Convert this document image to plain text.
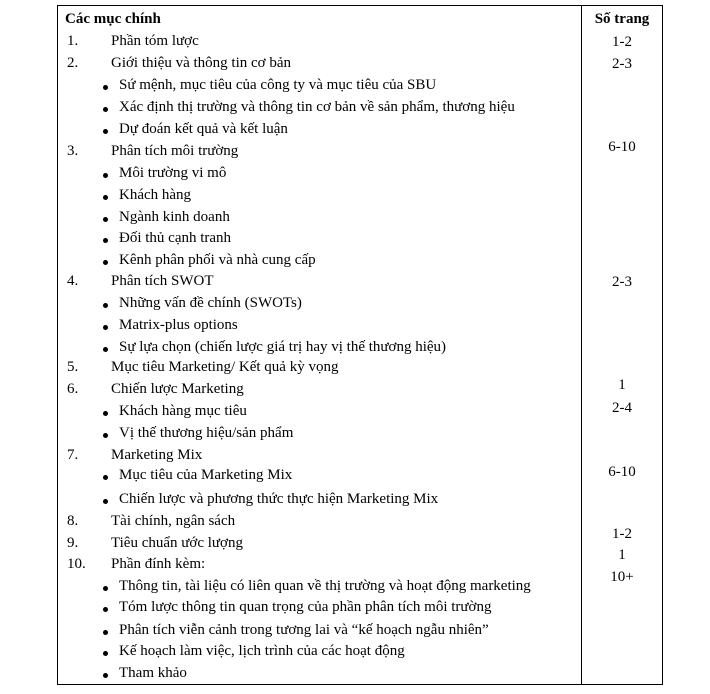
Các mục chính	Số trang
1. Phần tóm lược
2. Giới thiệu và thông tin cơ bản
Sứ mệnh, mục tiêu của công ty và mục tiêu của SBU
Xác định thị trường và thông tin cơ bản về sản phẩm, thương hiệu
Dự đoán kết quả và kết luận
3. Phân tích môi trường
Môi trường vi mô
Khách hàng
Ngành kinh doanh
Đối thủ cạnh tranh
Kênh phân phối và nhà cung cấp
4. Phân tích SWOT
Những vấn đề chính (SWOTs)
Matrix-plus options
Sự lựa chọn (chiến lược giá trị hay vị thế thương hiệu)
5. Mục tiêu Marketing/ Kết quả kỳ vọng
6. Chiến lược Marketing
Khách hàng mục tiêu
Vị thế thương hiệu/sản phẩm
7. Marketing Mix
Mục tiêu của Marketing Mix
Chiến lược và phương thức thực hiện Marketing Mix
8. Tài chính, ngân sách
9. Tiêu chuẩn ước lượng
10. Phần đính kèm:
Thông tin, tài liệu có liên quan về thị trường và hoạt động marketing
Tóm lược thông tin quan trọng của phần phân tích môi trường
Phân tích viễn cảnh trong tương lai và “kế hoạch ngẫu nhiên”
Kế hoạch làm việc, lịch trình của các hoạt động
Tham khảo
1-2
2-3
6-10
2-3
1
2-4
6-10
1-2
1
10+
